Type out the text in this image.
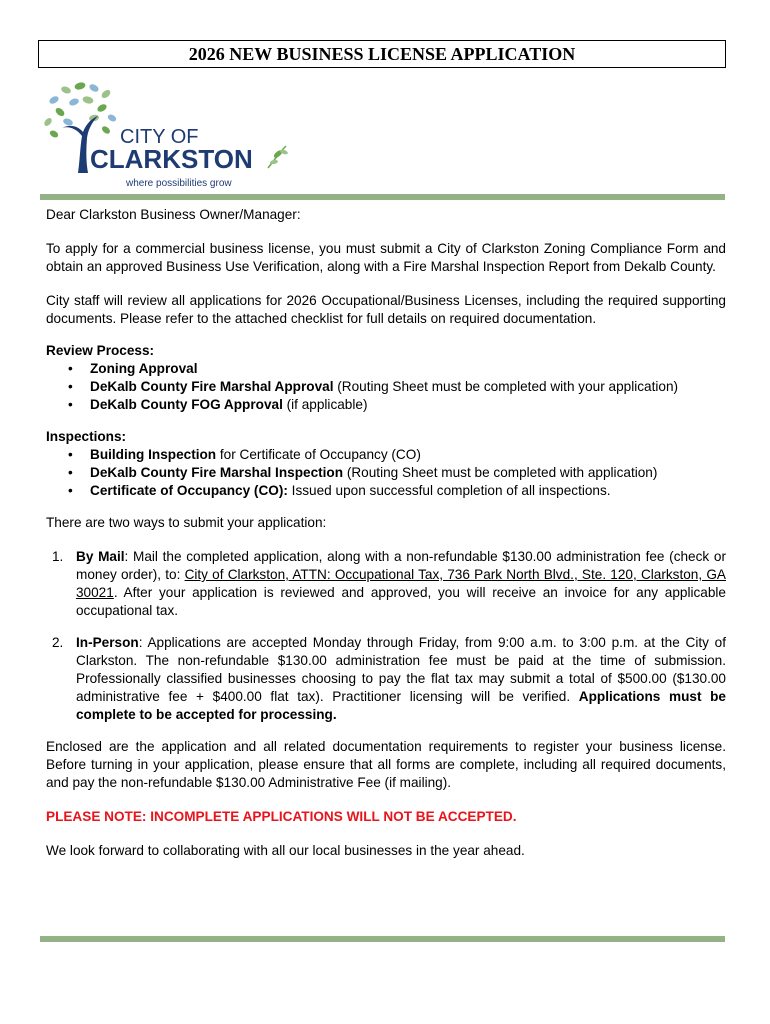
2026 NEW BUSINESS LICENSE APPLICATION
CITY OF
CLARKSTON
where possibilities grow

Dear Clarkston Business Owner/Manager:

To apply for a commercial business license, you must submit a City of Clarkston Zoning Compliance Form and obtain an approved Business Use Verification, along with a Fire Marshal Inspection Report from Dekalb County.

City staff will review all applications for 2026 Occupational/Business Licenses, including the required supporting documents. Please refer to the attached checklist for full details on required documentation.

Review Process:

• Zoning Approval
• DeKalb County Fire Marshal Approval (Routing Sheet must be completed with your application)
• DeKalb County FOG Approval (if applicable)

Inspections:

• Building Inspection for Certificate of Occupancy (CO)
• DeKalb County Fire Marshal Inspection (Routing Sheet must be completed with application)
• Certificate of Occupancy (CO): Issued upon successful completion of all inspections.

There are two ways to submit your application:

1. By Mail: Mail the completed application, along with a non-refundable $130.00 administration fee (check or money order), to: City of Clarkston, ATTN: Occupational Tax, 736 Park North Blvd., Ste. 120, Clarkston, GA 30021. After your application is reviewed and approved, you will receive an invoice for any applicable occupational tax.
2. In-Person: Applications are accepted Monday through Friday, from 9:00 a.m. to 3:00 p.m. at the City of Clarkston. The non-refundable $130.00 administration fee must be paid at the time of submission. Professionally classified businesses choosing to pay the flat tax may submit a total of $500.00 ($130.00 administrative fee + $400.00 flat tax). Practitioner licensing will be verified. Applications must be complete to be accepted for processing.

Enclosed are the application and all related documentation requirements to register your business license. Before turning in your application, please ensure that all forms are complete, including all required documents, and pay the non-refundable $130.00 Administrative Fee (if mailing).

PLEASE NOTE: INCOMPLETE APPLICATIONS WILL NOT BE ACCEPTED.

We look forward to collaborating with all our local businesses in the year ahead.
